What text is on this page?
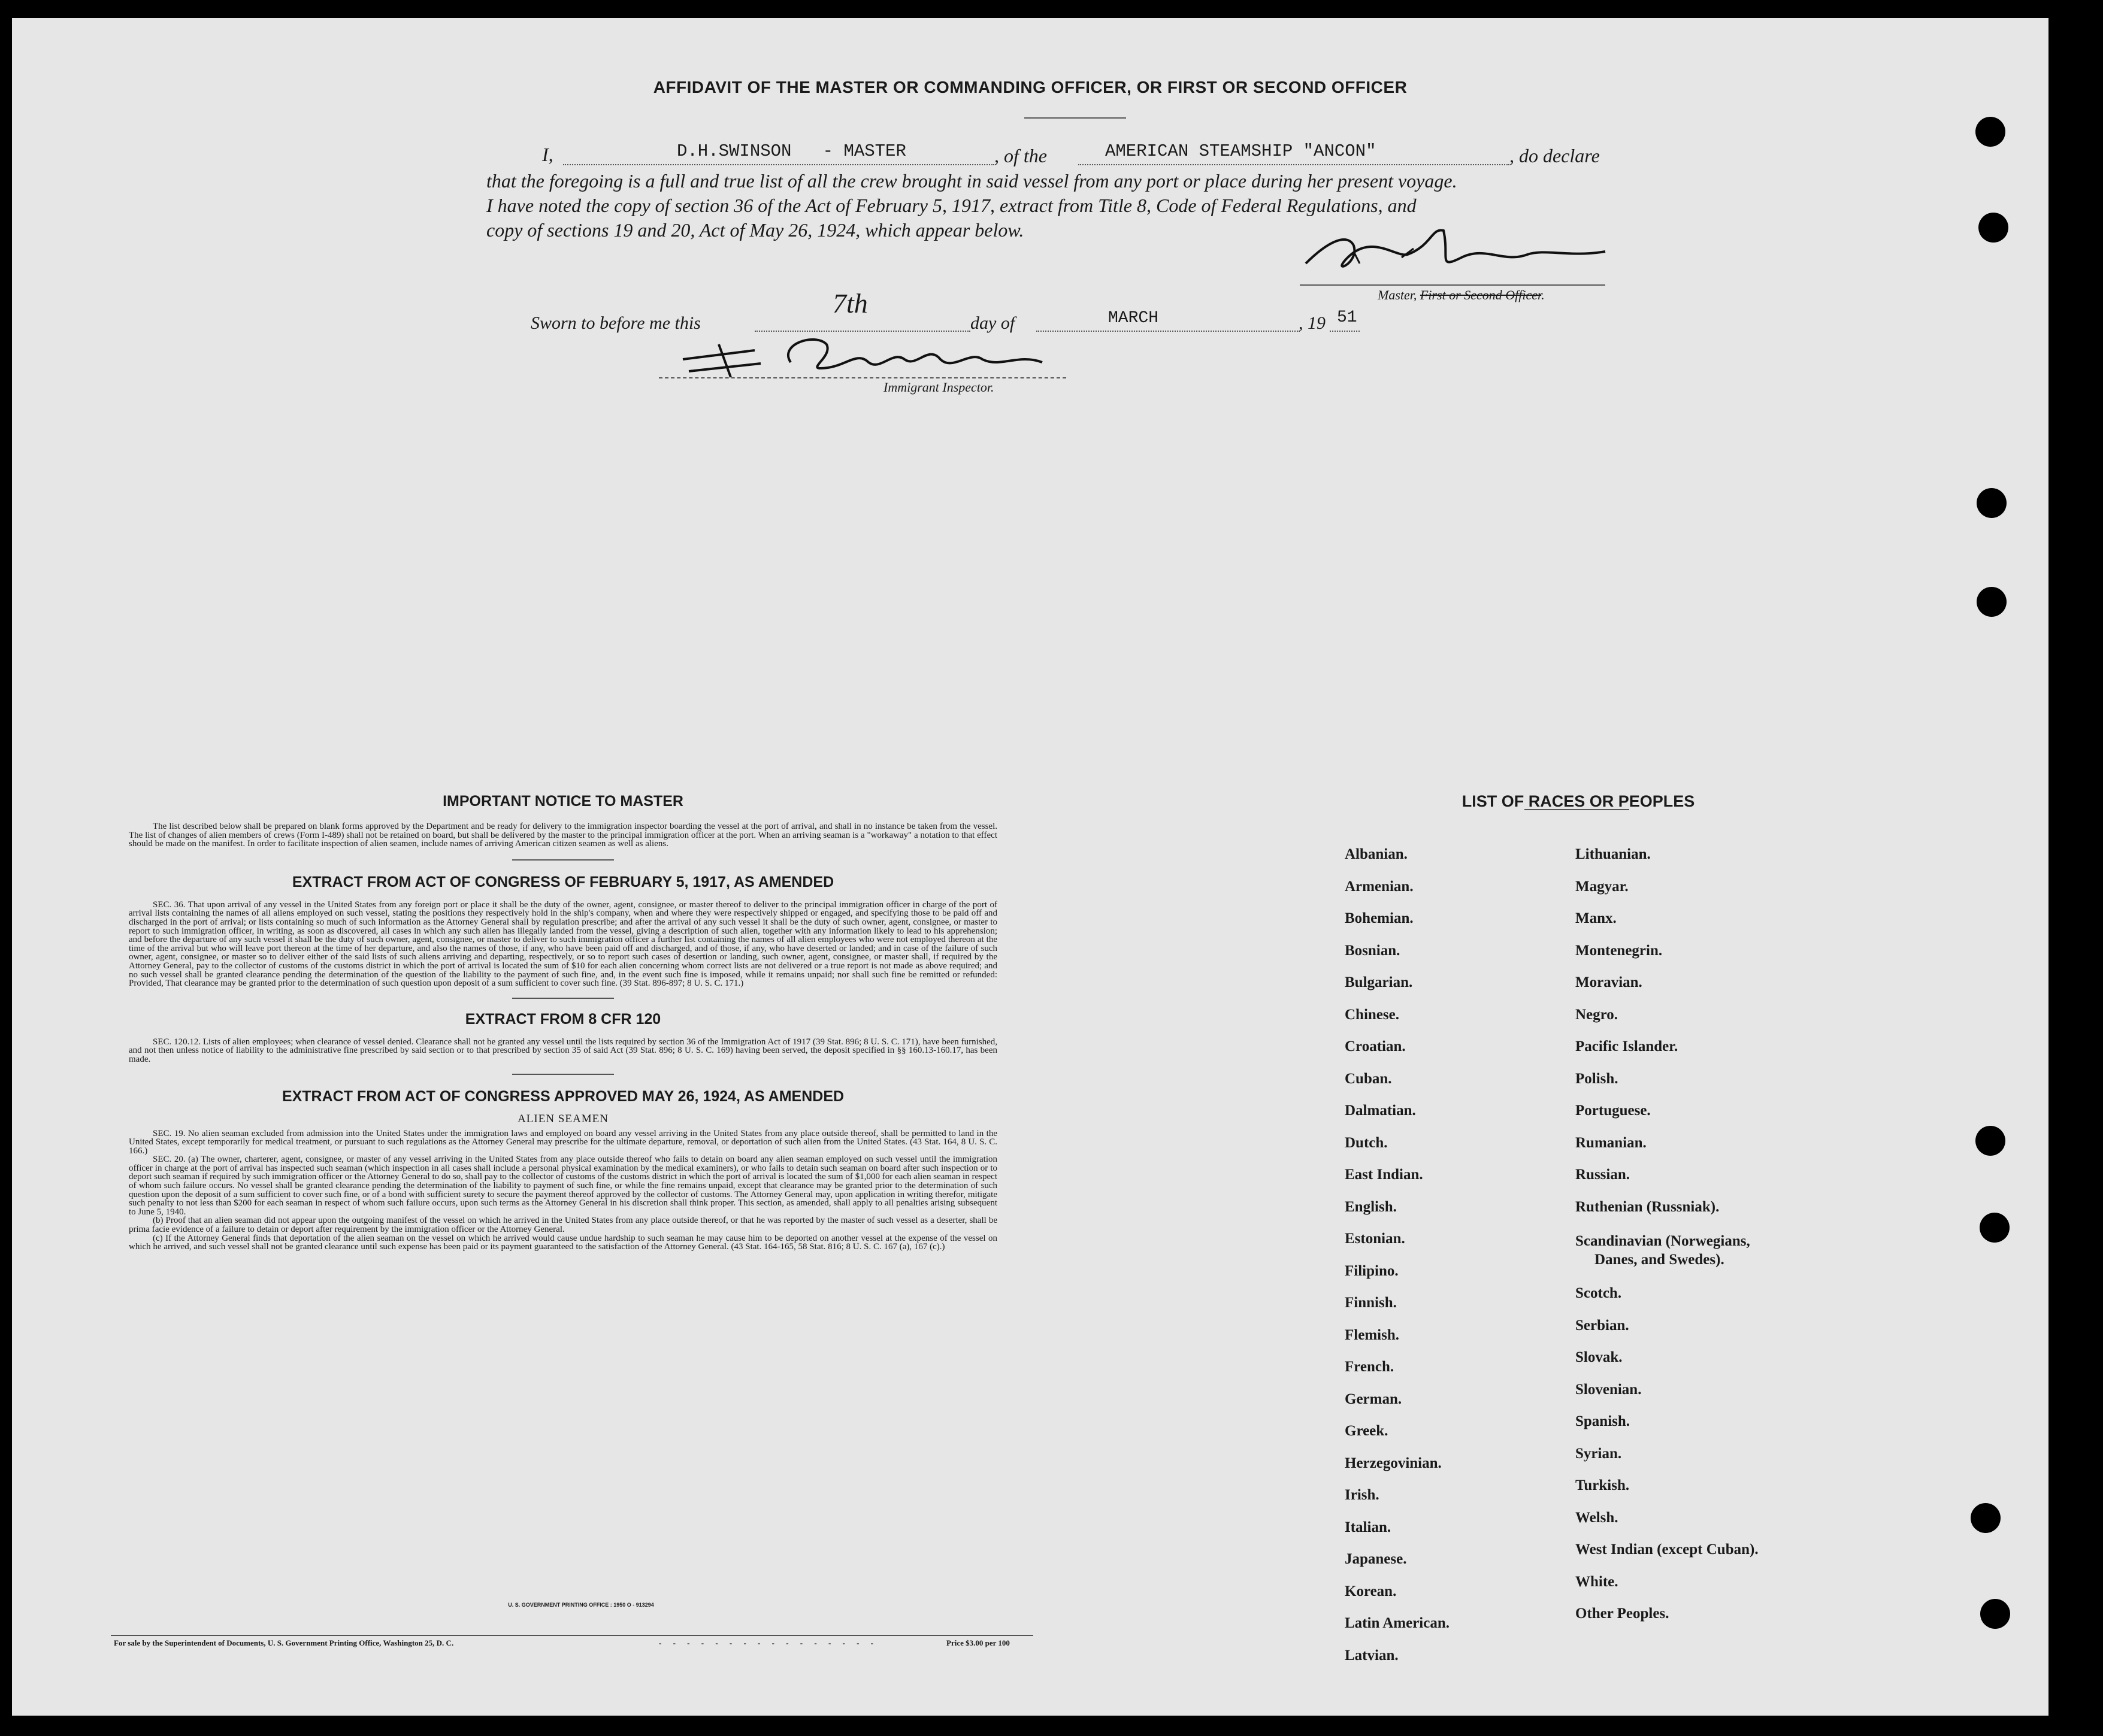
AFFIDAVIT OF THE MASTER OR COMMANDING OFFICER, OR FIRST OR SECOND OFFICER
I,	D.H.SWINSON   - MASTER	, of the	AMERICAN STEAMSHIP "ANCON"	, do declare
that the foregoing is a full and true list of all the crew brought in said vessel from any port or place during her present voyage.
I have noted the copy of section 36 of the Act of February 5, 1917, extract from Title 8, Code of Federal Regulations, and
copy of sections 19 and 20, Act of May 26, 1924, which appear below.
Master, First or Second Officer.
Sworn to before me this
7th
day of	MARCH	, 19 51
Immigrant Inspector.
IMPORTANT NOTICE TO MASTER

The list described below shall be prepared on blank forms approved by the Department and be ready for delivery to the immigration inspector boarding the vessel at the port of arrival, and shall in no instance be taken from the vessel. The list of changes of alien members of crews (Form I-489) shall not be retained on board, but shall be delivered by the master to the principal immigration officer at the port. When an arriving seaman is a "workaway" a notation to that effect should be made on the manifest. In order to facilitate inspection of alien seamen, include names of arriving American citizen seamen as well as aliens.

EXTRACT FROM ACT OF CONGRESS OF FEBRUARY 5, 1917, AS AMENDED

SEC. 36. That upon arrival of any vessel in the United States from any foreign port or place it shall be the duty of the owner, agent, consignee, or master thereof to deliver to the principal immigration officer in charge of the port of arrival lists containing the names of all aliens employed on such vessel, stating the positions they respectively hold in the ship's company, when and where they were respectively shipped or engaged, and specifying those to be paid off and discharged in the port of arrival; or lists containing so much of such information as the Attorney General shall by regulation prescribe; and after the arrival of any such vessel it shall be the duty of such owner, agent, consignee, or master to report to such immigration officer, in writing, as soon as discovered, all cases in which any such alien has illegally landed from the vessel, giving a description of such alien, together with any information likely to lead to his apprehension; and before the departure of any such vessel it shall be the duty of such owner, agent, consignee, or master to deliver to such immigration officer a further list containing the names of all alien employees who were not employed thereon at the time of the arrival but who will leave port thereon at the time of her departure, and also the names of those, if any, who have been paid off and discharged, and of those, if any, who have deserted or landed; and in case of the failure of such owner, agent, consignee, or master so to deliver either of the said lists of such aliens arriving and departing, respectively, or so to report such cases of desertion or landing, such owner, agent, consignee, or master shall, if required by the Attorney General, pay to the collector of customs of the customs district in which the port of arrival is located the sum of $10 for each alien concerning whom correct lists are not delivered or a true report is not made as above required; and no such vessel shall be granted clearance pending the determination of the question of the liability to the payment of such fine, and, in the event such fine is imposed, while it remains unpaid; nor shall such fine be remitted or refunded: Provided, That clearance may be granted prior to the determination of such question upon deposit of a sum sufficient to cover such fine. (39 Stat. 896-897; 8 U. S. C. 171.)

EXTRACT FROM 8 CFR 120

SEC. 120.12. Lists of alien employees; when clearance of vessel denied. Clearance shall not be granted any vessel until the lists required by section 36 of the Immigration Act of 1917 (39 Stat. 896; 8 U. S. C. 171), have been furnished, and not then unless notice of liability to the administrative fine prescribed by said section or to that prescribed by section 35 of said Act (39 Stat. 896; 8 U. S. C. 169) having been served, the deposit specified in §§ 160.13-160.17, has been made.

EXTRACT FROM ACT OF CONGRESS APPROVED MAY 26, 1924, AS AMENDED
ALIEN SEAMEN

SEC. 19. No alien seaman excluded from admission into the United States under the immigration laws and employed on board any vessel arriving in the United States from any place outside thereof, shall be permitted to land in the United States, except temporarily for medical treatment, or pursuant to such regulations as the Attorney General may prescribe for the ultimate departure, removal, or deportation of such alien from the United States. (43 Stat. 164, 8 U. S. C. 166.)

SEC. 20. (a) The owner, charterer, agent, consignee, or master of any vessel arriving in the United States from any place outside thereof who fails to detain on board any alien seaman employed on such vessel until the immigration officer in charge at the port of arrival has inspected such seaman (which inspection in all cases shall include a personal physical examination by the medical examiners), or who fails to detain such seaman on board after such inspection or to deport such seaman if required by such immigration officer or the Attorney General to do so, shall pay to the collector of customs of the customs district in which the port of arrival is located the sum of $1,000 for each alien seaman in respect of whom such failure occurs. No vessel shall be granted clearance pending the determination of the liability to payment of such fine, or while the fine remains unpaid, except that clearance may be granted prior to the determination of such question upon the deposit of a sum sufficient to cover such fine, or of a bond with sufficient surety to secure the payment thereof approved by the collector of customs. The Attorney General may, upon application in writing therefor, mitigate such penalty to not less than $200 for each seaman in respect of whom such failure occurs, upon such terms as the Attorney General in his discretion shall think proper. This section, as amended, shall apply to all penalties arising subsequent to June 5, 1940.

(b) Proof that an alien seaman did not appear upon the outgoing manifest of the vessel on which he arrived in the United States from any place outside thereof, or that he was reported by the master of such vessel as a deserter, shall be prima facie evidence of a failure to detain or deport after requirement by the immigration officer or the Attorney General.

(c) If the Attorney General finds that deportation of the alien seaman on the vessel on which he arrived would cause undue hardship to such seaman he may cause him to be deported on another vessel at the expense of the vessel on which he arrived, and such vessel shall not be granted clearance until such expense has been paid or its payment guaranteed to the satisfaction of the Attorney General. (43 Stat. 164-165, 58 Stat. 816; 8 U. S. C. 167 (a), 167 (c).)

U. S. GOVERNMENT PRINTING OFFICE : 1950 O - 913294
For sale by the Superintendent of Documents, U. S. Government Printing Office, Washington 25, D. C.	- - - - - - - - - - - - - - - -	Price $3.00 per 100
LIST OF RACES OR PEOPLES
Albanian.
Armenian.
Bohemian.
Bosnian.
Bulgarian.
Chinese.
Croatian.
Cuban.
Dalmatian.
Dutch.
East Indian.
English.
Estonian.
Filipino.
Finnish.
Flemish.
French.
German.
Greek.
Herzegovinian.
Irish.
Italian.
Japanese.
Korean.
Latin American.
Latvian.
Lithuanian.
Magyar.
Manx.
Montenegrin.
Moravian.
Negro.
Pacific Islander.
Polish.
Portuguese.
Rumanian.
Russian.
Ruthenian (Russniak).
Scandinavian (Norwegians,
Danes, and Swedes).
Scotch.
Serbian.
Slovak.
Slovenian.
Spanish.
Syrian.
Turkish.
Welsh.
West Indian (except Cuban).
White.
Other Peoples.
